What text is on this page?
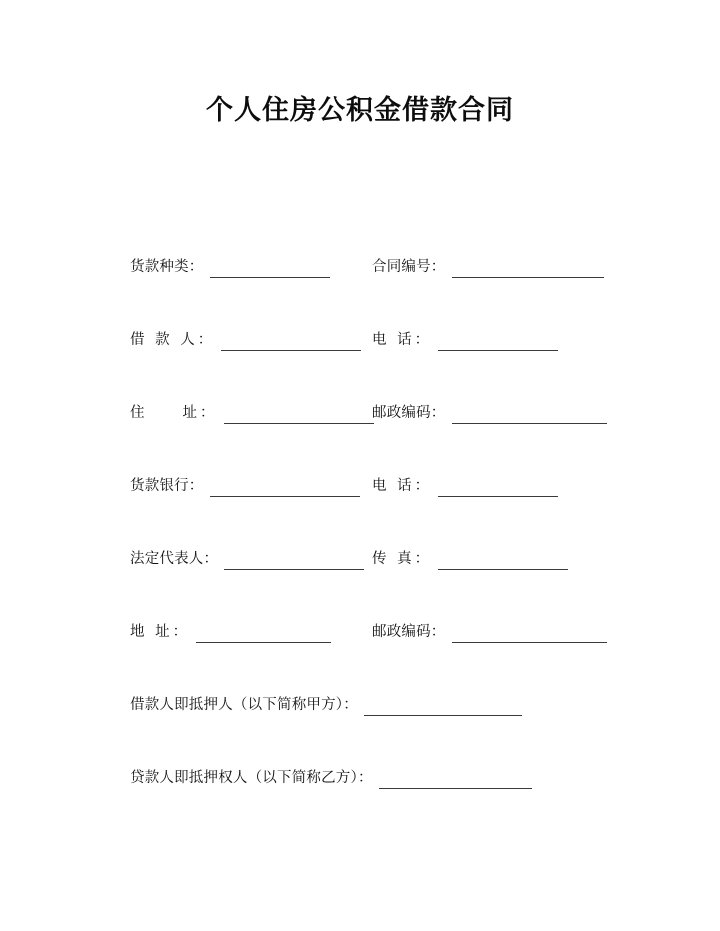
个人住房公积金借款合同
货款种类：	合同编号：
借 款 人：	电 话：
住　　址：	邮政编码：
货款银行：	电 话：
法定代表人：	传 真：
地 址：	邮政编码：
借款人即抵押人（以下简称甲方）：
贷款人即抵押权人（以下简称乙方）：
